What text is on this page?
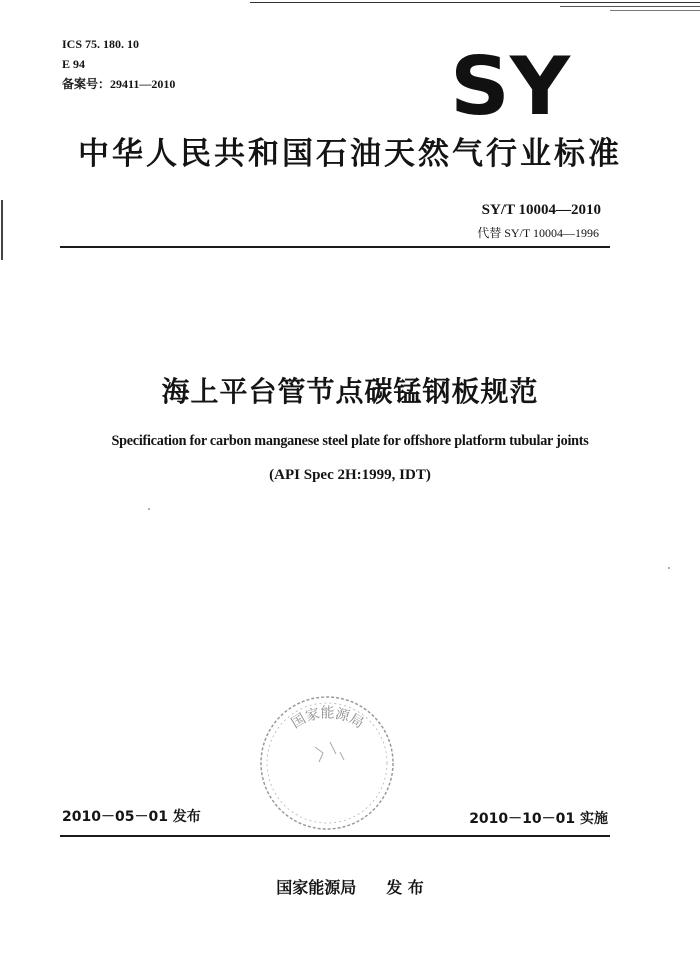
ICS 75. 180. 10
E 94
备案号：29411—2010	SY
中华人民共和国石油天然气行业标准
SY/T 10004—2010
代替 SY/T 10004—1996
海上平台管节点碳锰钢板规范
Specification for carbon manganese steel plate for offshore platform tubular joints
(API Spec 2H:1999, IDT)
国家能源局
2010－05－01 发布	2010－10－01 实施
国家能源局 发 布
